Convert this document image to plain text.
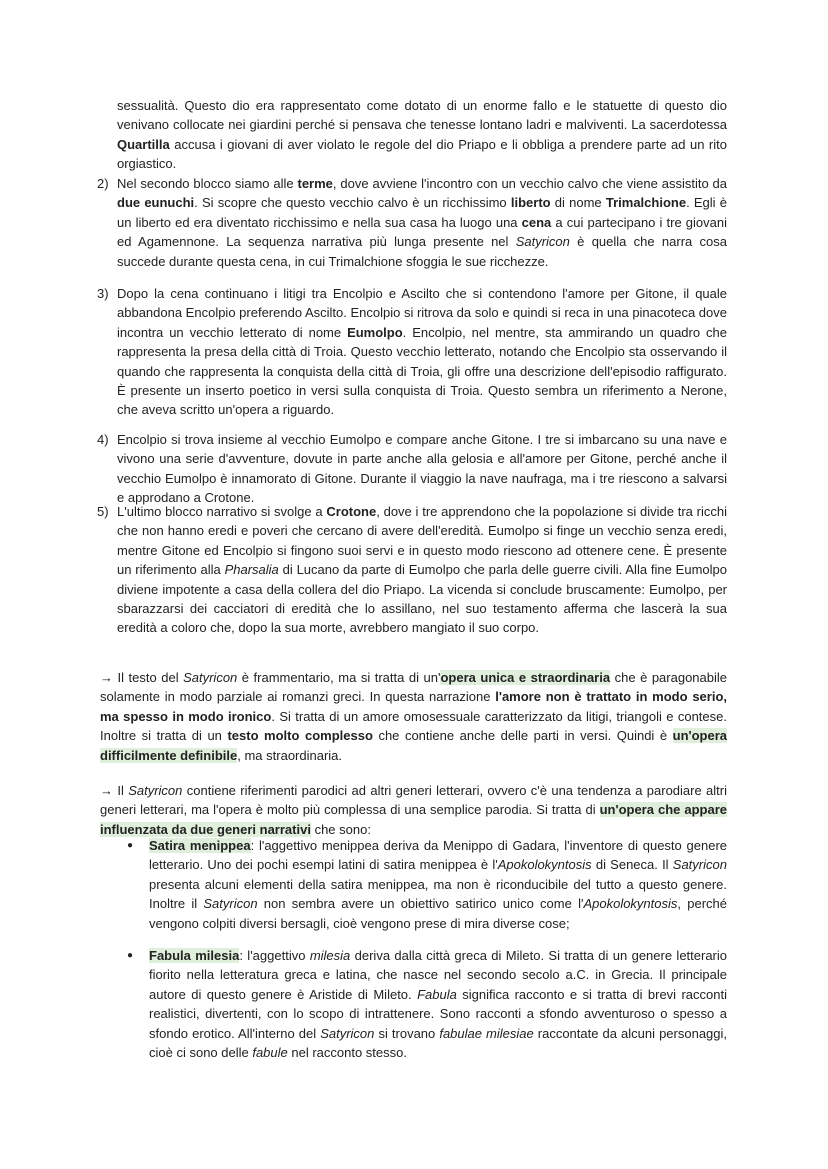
sessualità. Questo dio era rappresentato come dotato di un enorme fallo e le statuette di questo dio venivano collocate nei giardini perché si pensava che tenesse lontano ladri e malviventi. La sacerdotessa Quartilla accusa i giovani di aver violato le regole del dio Priapo e li obbliga a prendere parte ad un rito orgiastico.
2) Nel secondo blocco siamo alle terme, dove avviene l'incontro con un vecchio calvo che viene assistito da due eunuchi. Si scopre che questo vecchio calvo è un ricchissimo liberto di nome Trimalchione. Egli è un liberto ed era diventato ricchissimo e nella sua casa ha luogo una cena a cui partecipano i tre giovani ed Agamennone. La sequenza narrativa più lunga presente nel Satyricon è quella che narra cosa succede durante questa cena, in cui Trimalchione sfoggia le sue ricchezze.
3) Dopo la cena continuano i litigi tra Encolpio e Ascilto che si contendono l'amore per Gitone, il quale abbandona Encolpio preferendo Ascilto. Encolpio si ritrova da solo e quindi si reca in una pinacoteca dove incontra un vecchio letterato di nome Eumolpo. Encolpio, nel mentre, sta ammirando un quadro che rappresenta la presa della città di Troia. Questo vecchio letterato, notando che Encolpio sta osservando il quando che rappresenta la conquista della città di Troia, gli offre una descrizione dell'episodio raffigurato. È presente un inserto poetico in versi sulla conquista di Troia. Questo sembra un riferimento a Nerone, che aveva scritto un'opera a riguardo.
4) Encolpio si trova insieme al vecchio Eumolpo e compare anche Gitone. I tre si imbarcano su una nave e vivono una serie d'avventure, dovute in parte anche alla gelosia e all'amore per Gitone, perché anche il vecchio Eumolpo è innamorato di Gitone. Durante il viaggio la nave naufraga, ma i tre riescono a salvarsi e approdano a Crotone.
5) L'ultimo blocco narrativo si svolge a Crotone, dove i tre apprendono che la popolazione si divide tra ricchi che non hanno eredi e poveri che cercano di avere dell'eredità. Eumolpo si finge un vecchio senza eredi, mentre Gitone ed Encolpio si fingono suoi servi e in questo modo riescono ad ottenere cene. È presente un riferimento alla Pharsalia di Lucano da parte di Eumolpo che parla delle guerre civili. Alla fine Eumolpo diviene impotente a casa della collera del dio Priapo. La vicenda si conclude bruscamente: Eumolpo, per sbarazzarsi dei cacciatori di eredità che lo assillano, nel suo testamento afferma che lascerà la sua eredità a coloro che, dopo la sua morte, avrebbero mangiato il suo corpo.
→ Il testo del Satyricon è frammentario, ma si tratta di un'opera unica e straordinaria che è paragonabile solamente in modo parziale ai romanzi greci. In questa narrazione l'amore non è trattato in modo serio, ma spesso in modo ironico. Si tratta di un amore omosessuale caratterizzato da litigi, triangoli e contese. Inoltre si tratta di un testo molto complesso che contiene anche delle parti in versi. Quindi è un'opera difficilmente definibile, ma straordinaria.
→ Il Satyricon contiene riferimenti parodici ad altri generi letterari, ovvero c'è una tendenza a parodiare altri generi letterari, ma l'opera è molto più complessa di una semplice parodia. Si tratta di un'opera che appare influenzata da due generi narrativi che sono:
● Satira menippea: l'aggettivo menippea deriva da Menippo di Gadara, l'inventore di questo genere letterario. Uno dei pochi esempi latini di satira menippea è l'Apokolokyntosis di Seneca. Il Satyricon presenta alcuni elementi della satira menippea, ma non è riconducibile del tutto a questo genere. Inoltre il Satyricon non sembra avere un obiettivo satirico unico come l'Apokolokyntosis, perché vengono colpiti diversi bersagli, cioè vengono prese di mira diverse cose;
● Fabula milesia: l'aggettivo milesia deriva dalla città greca di Mileto. Si tratta di un genere letterario fiorito nella letteratura greca e latina, che nasce nel secondo secolo a.C. in Grecia. Il principale autore di questo genere è Aristide di Mileto. Fabula significa racconto e si tratta di brevi racconti realistici, divertenti, con lo scopo di intrattenere. Sono racconti a sfondo avventuroso o spesso a sfondo erotico. All'interno del Satyricon si trovano fabulae milesiae raccontate da alcuni personaggi, cioè ci sono delle fabule nel racconto stesso.
